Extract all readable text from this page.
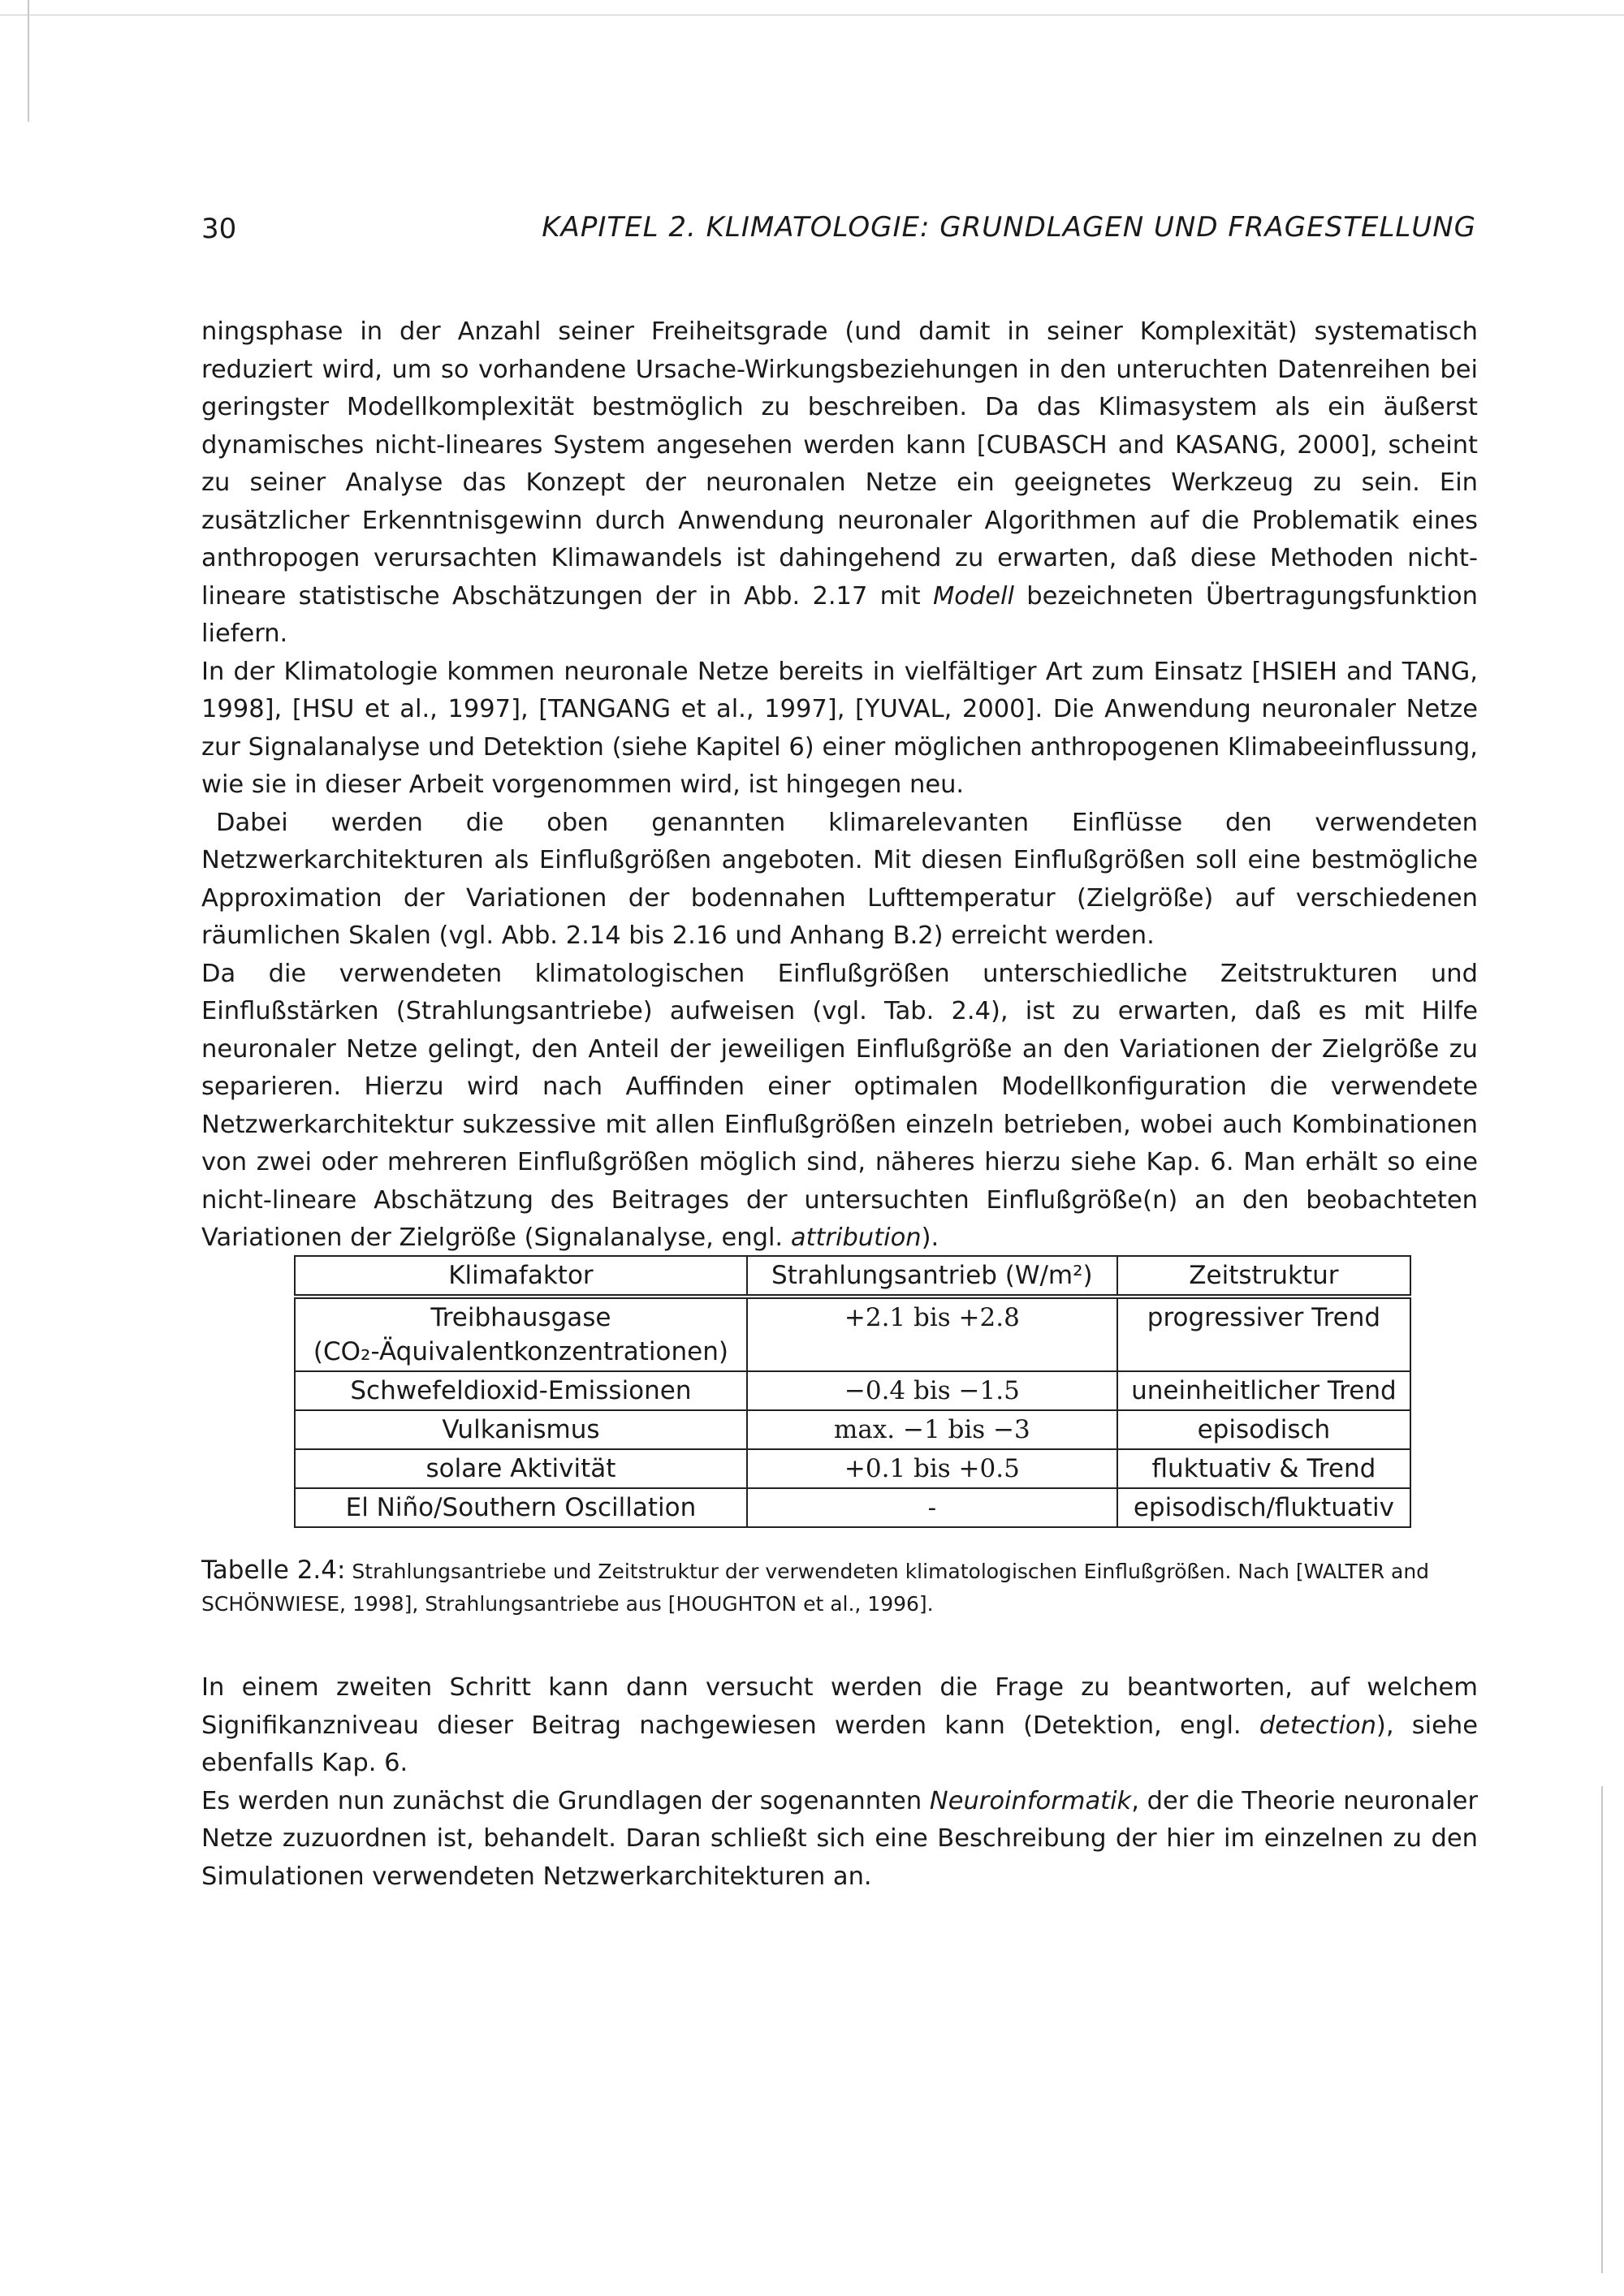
30	KAPITEL 2. KLIMATOLOGIE: GRUNDLAGEN UND FRAGESTELLUNG

ningsphase in der Anzahl seiner Freiheitsgrade (und damit in seiner Komplexität) systematisch reduziert wird, um so vorhandene Ursache-Wirkungsbeziehungen in den unteruchten Datenreihen bei geringster Modellkomplexität bestmöglich zu beschreiben. Da das Klimasystem als ein äußerst dynamisches nicht-lineares System angesehen werden kann [CUBASCH and KASANG, 2000], scheint zu seiner Analyse das Konzept der neuronalen Netze ein geeignetes Werkzeug zu sein. Ein zusätzlicher Erkenntnisgewinn durch Anwendung neuronaler Algorithmen auf die Problematik eines anthropogen verursachten Klimawandels ist dahingehend zu erwarten, daß diese Methoden nicht-lineare statistische Abschätzungen der in Abb. 2.17 mit Modell bezeichneten Übertragungsfunktion liefern.

In der Klimatologie kommen neuronale Netze bereits in vielfältiger Art zum Einsatz [HSIEH and TANG, 1998], [HSU et al., 1997], [TANGANG et al., 1997], [YUVAL, 2000]. Die Anwendung neuronaler Netze zur Signalanalyse und Detektion (siehe Kapitel 6) einer möglichen anthropogenen Klimabeeinflussung, wie sie in dieser Arbeit vorgenommen wird, ist hingegen neu.

Dabei werden die oben genannten klimarelevanten Einflüsse den verwendeten Netzwerkarchitekturen als Einflußgrößen angeboten. Mit diesen Einflußgrößen soll eine bestmögliche Approximation der Variationen der bodennahen Lufttemperatur (Zielgröße) auf verschiedenen räumlichen Skalen (vgl. Abb. 2.14 bis 2.16 und Anhang B.2) erreicht werden.

Da die verwendeten klimatologischen Einflußgrößen unterschiedliche Zeitstrukturen und Einflußstärken (Strahlungsantriebe) aufweisen (vgl. Tab. 2.4), ist zu erwarten, daß es mit Hilfe neuronaler Netze gelingt, den Anteil der jeweiligen Einflußgröße an den Variationen der Zielgröße zu separieren. Hierzu wird nach Auffinden einer optimalen Modellkonfiguration die verwendete Netzwerkarchitektur sukzessive mit allen Einflußgrößen einzeln betrieben, wobei auch Kombinationen von zwei oder mehreren Einflußgrößen möglich sind, näheres hierzu siehe Kap. 6. Man erhält so eine nicht-lineare Abschätzung des Beitrages der untersuchten Einflußgröße(n) an den beobachteten Variationen der Zielgröße (Signalanalyse, engl. attribution).

Klimafaktor	Strahlungsantrieb (W/m²)	Zeitstruktur

Treibhausgase
(CO₂-Äquivalentkonzentrationen)	+2.1 bis +2.8	progressiver Trend
Schwefeldioxid-Emissionen	−0.4 bis −1.5	uneinheitlicher Trend
Vulkanismus	max. −1 bis −3	episodisch
solare Aktivität	+0.1 bis +0.5	fluktuativ & Trend
El Niño/Southern Oscillation	-	episodisch/fluktuativ
Tabelle 2.4: Strahlungsantriebe und Zeitstruktur der verwendeten klimatologischen Einflußgrößen. Nach [WALTER and SCHÖNWIESE, 1998], Strahlungsantriebe aus [HOUGHTON et al., 1996].

In einem zweiten Schritt kann dann versucht werden die Frage zu beantworten, auf welchem Signifikanzniveau dieser Beitrag nachgewiesen werden kann (Detektion, engl. detection), siehe ebenfalls Kap. 6.

Es werden nun zunächst die Grundlagen der sogenannten Neuroinformatik, der die Theorie neuronaler Netze zuzuordnen ist, behandelt. Daran schließt sich eine Beschreibung der hier im einzelnen zu den Simulationen verwendeten Netzwerkarchitekturen an.
